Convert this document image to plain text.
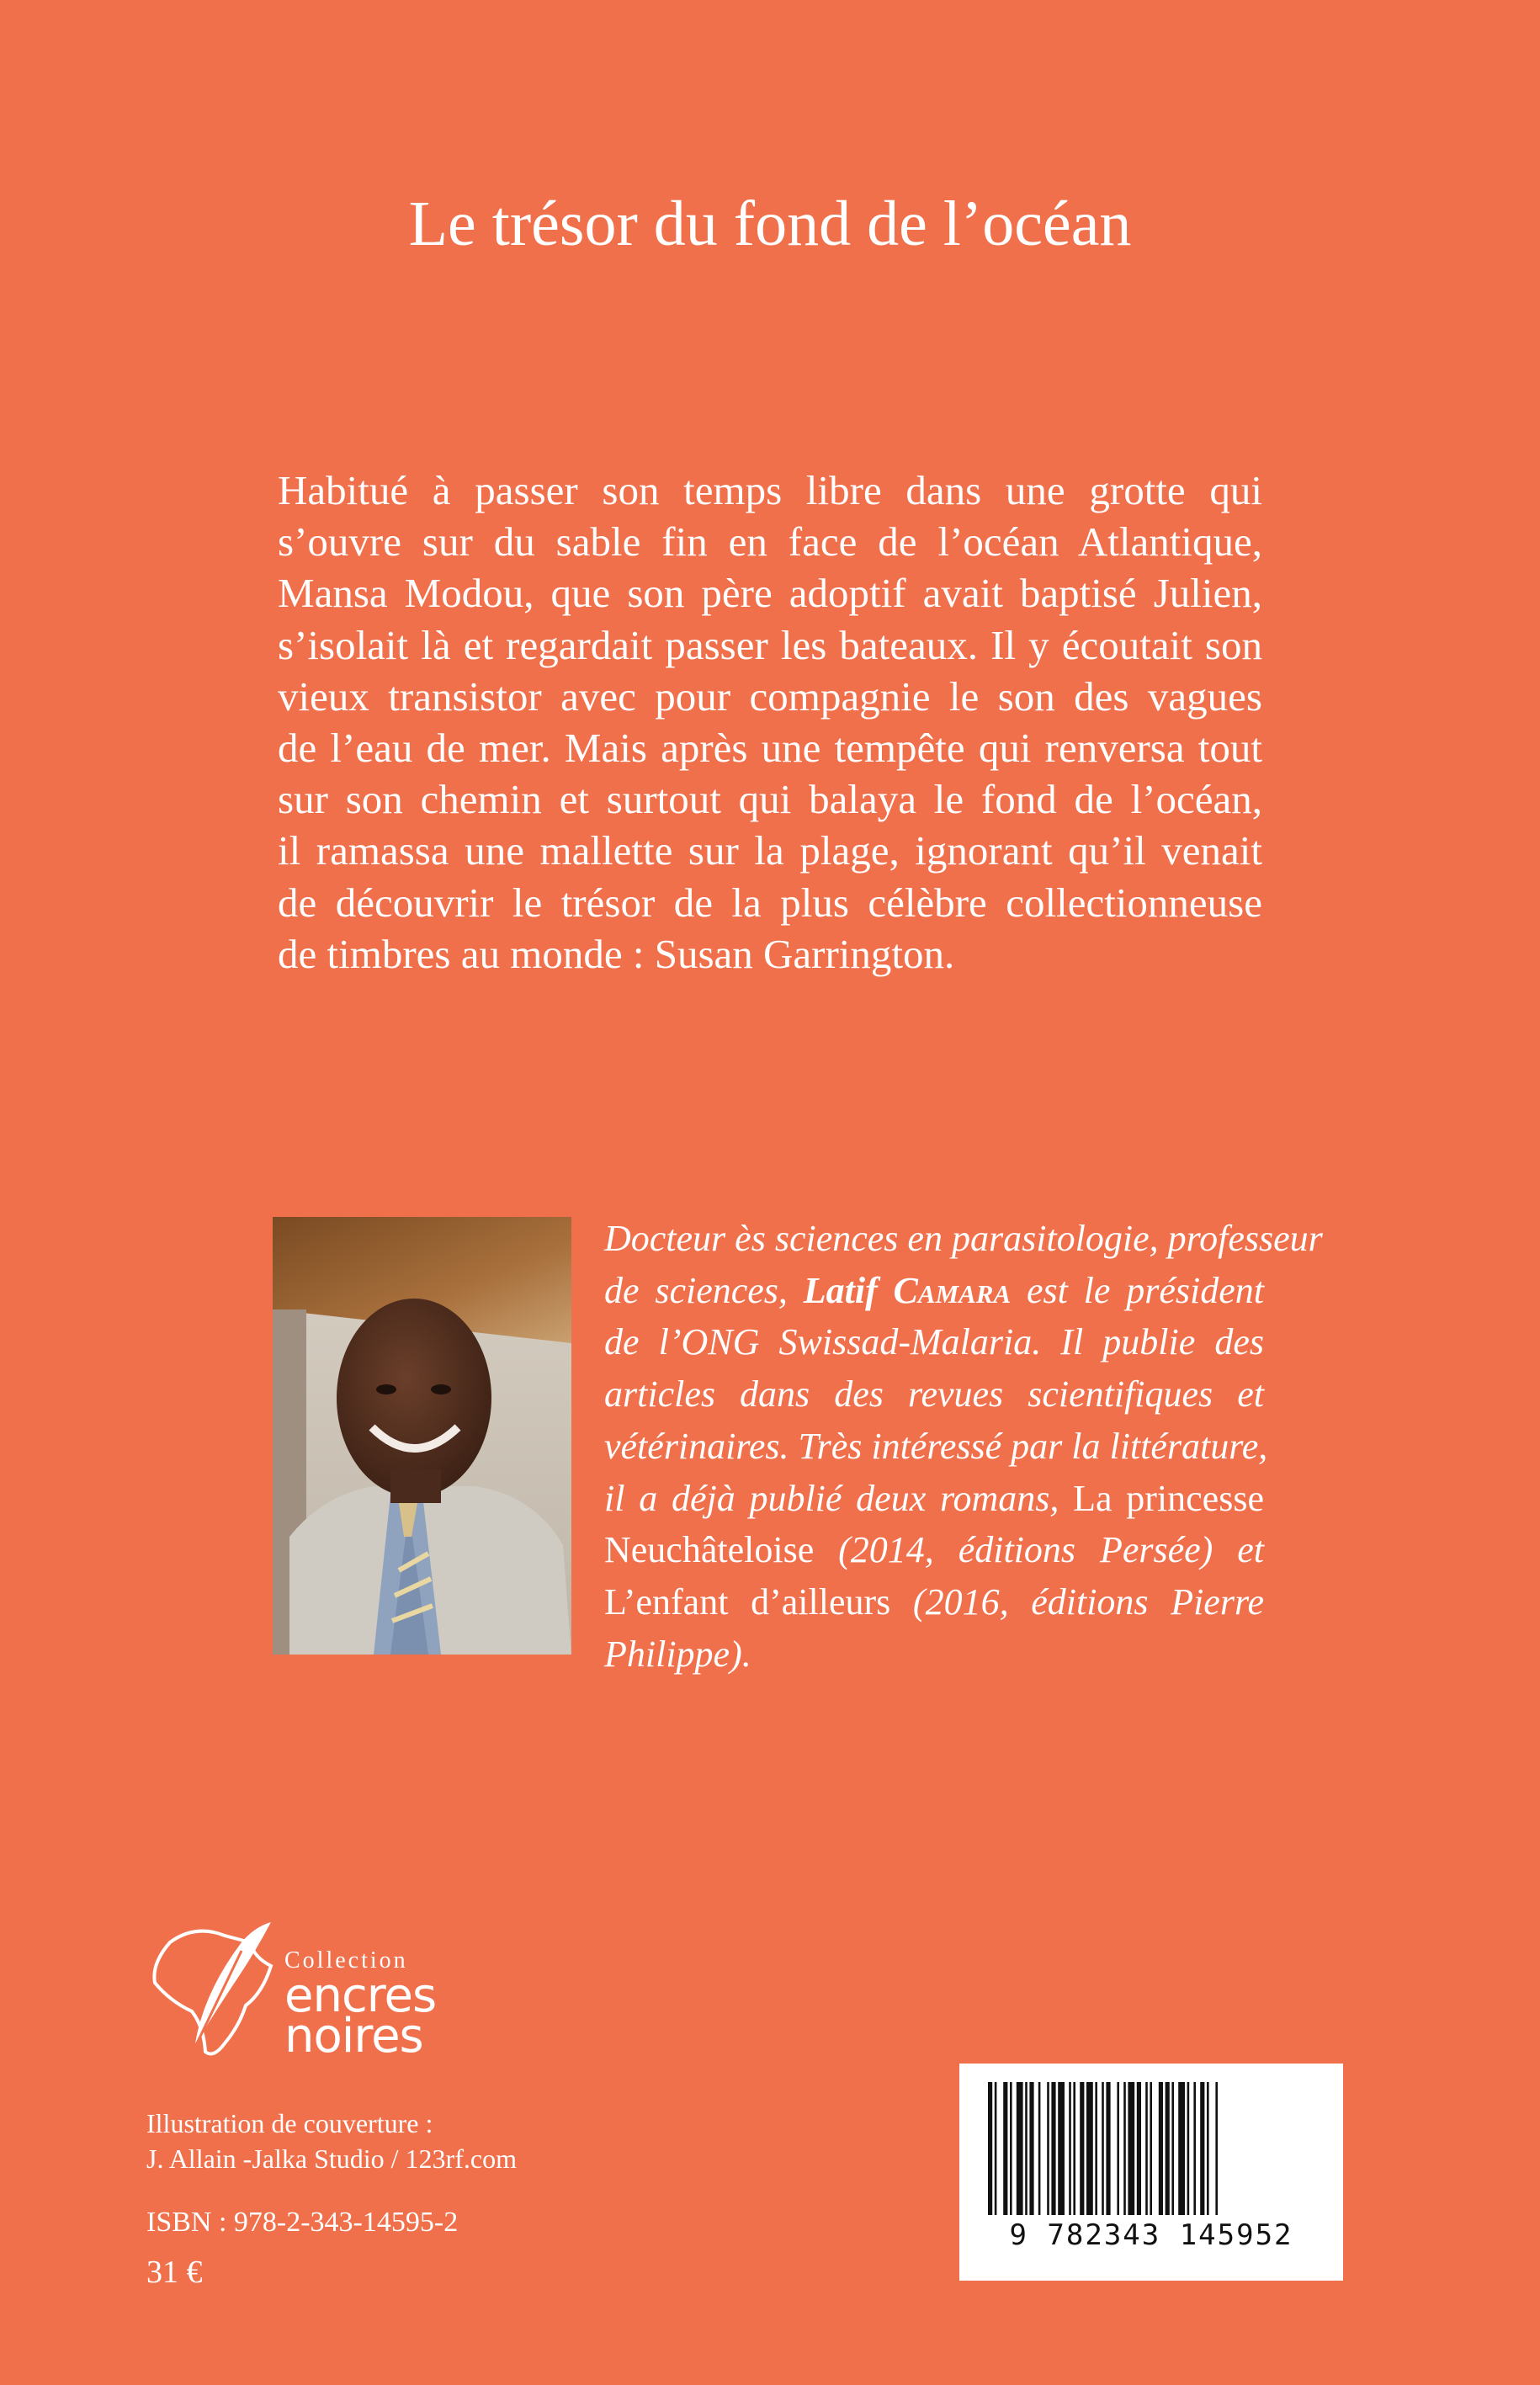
Le trésor du fond de l’océan
Habitué à passer son temps libre dans une grotte qui
s’ouvre sur du sable fin en face de l’océan Atlantique,
Mansa Modou, que son père adoptif avait baptisé Julien,
s’isolait là et regardait passer les bateaux. Il y écoutait son
vieux transistor avec pour compagnie le son des vagues
de l’eau de mer. Mais après une tempête qui renversa tout
sur son chemin et surtout qui balaya le fond de l’océan,
il ramassa une mallette sur la plage, ignorant qu’il venait
de découvrir le trésor de la plus célèbre collectionneuse
de timbres au monde : Susan Garrington.
Docteur ès sciences en parasitologie, professeur
de sciences, Latif Camara est le président
de l’ONG Swissad-Malaria. Il publie des
articles dans des revues scientifiques et
vétérinaires. Très intéressé par la littérature,
il a déjà publié deux romans, La princesse
Neuchâteloise (2014, éditions Persée) et
L’enfant d’ailleurs (2016, éditions Pierre
Philippe).
Collection
encres
noires
Illustration de couverture :
J. Allain -Jalka Studio / 123rf.com
ISBN : 978-2-343-14595-2
31 €
9 782343 145952
